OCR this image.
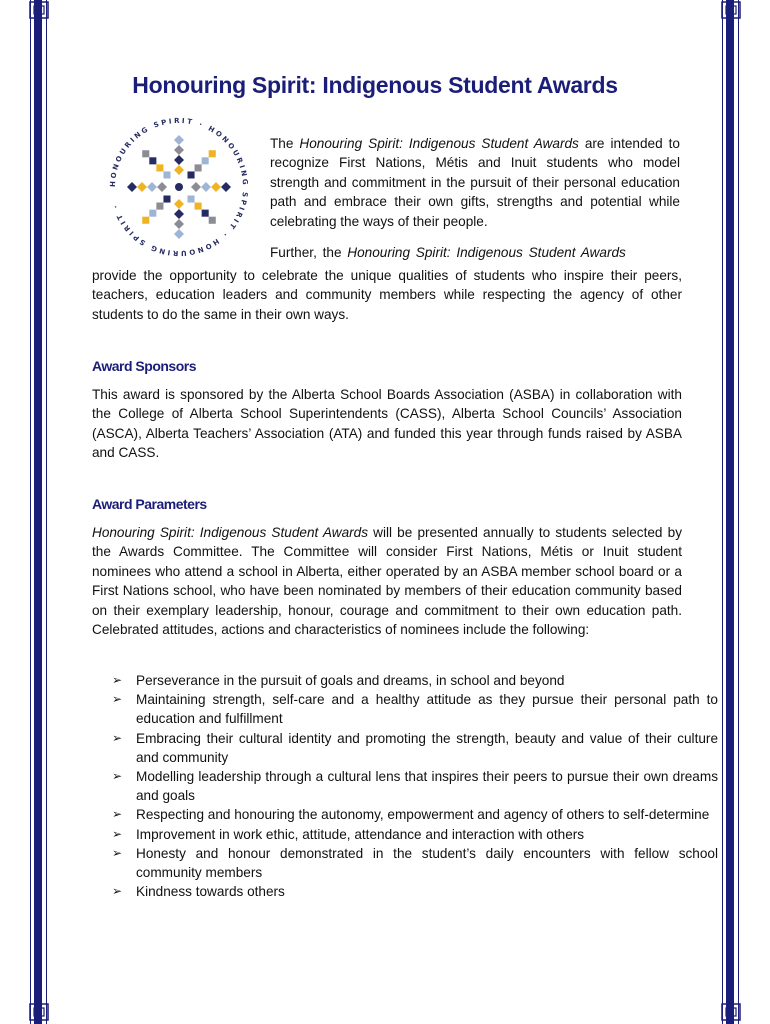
Honouring Spirit: Indigenous Student Awards
HONOURING SPIRIT · HONOURING SPIRIT · HONOURING SPIRIT ·

The Honouring Spirit: Indigenous Student Awards are intended to recognize First Nations, Métis and Inuit students who model strength and commitment in the pursuit of their personal education path and embrace their own gifts, strengths and potential while celebrating the ways of their people.

Further, the Honouring Spirit: Indigenous Student Awards

provide the opportunity to celebrate the unique qualities of students who inspire their peers, teachers, education leaders and community members while respecting the agency of other students to do the same in their own ways.

Award Sponsors

This award is sponsored by the Alberta School Boards Association (ASBA) in collaboration with the College of Alberta School Superintendents (CASS), Alberta School Councils’ Association (ASCA), Alberta Teachers’ Association (ATA) and funded this year through funds raised by ASBA and CASS.

Award Parameters

Honouring Spirit: Indigenous Student Awards will be presented annually to students selected by the Awards Committee. The Committee will consider First Nations, Métis or Inuit student nominees who attend a school in Alberta, either operated by an ASBA member school board or a First Nations school, who have been nominated by members of their education community based on their exemplary leadership, honour, courage and commitment to their own education path. Celebrated attitudes, actions and characteristics of nominees include the following:

➢ Perseverance in the pursuit of goals and dreams, in school and beyond
➢ Maintaining strength, self-care and a healthy attitude as they pursue their personal path to education and fulfillment
➢ Embracing their cultural identity and promoting the strength, beauty and value of their culture and community
➢ Modelling leadership through a cultural lens that inspires their peers to pursue their own dreams and goals
➢ Respecting and honouring the autonomy, empowerment and agency of others to self-determine
➢ Improvement in work ethic, attitude, attendance and interaction with others
➢ Honesty and honour demonstrated in the student’s daily encounters with fellow school community members
➢ Kindness towards others
